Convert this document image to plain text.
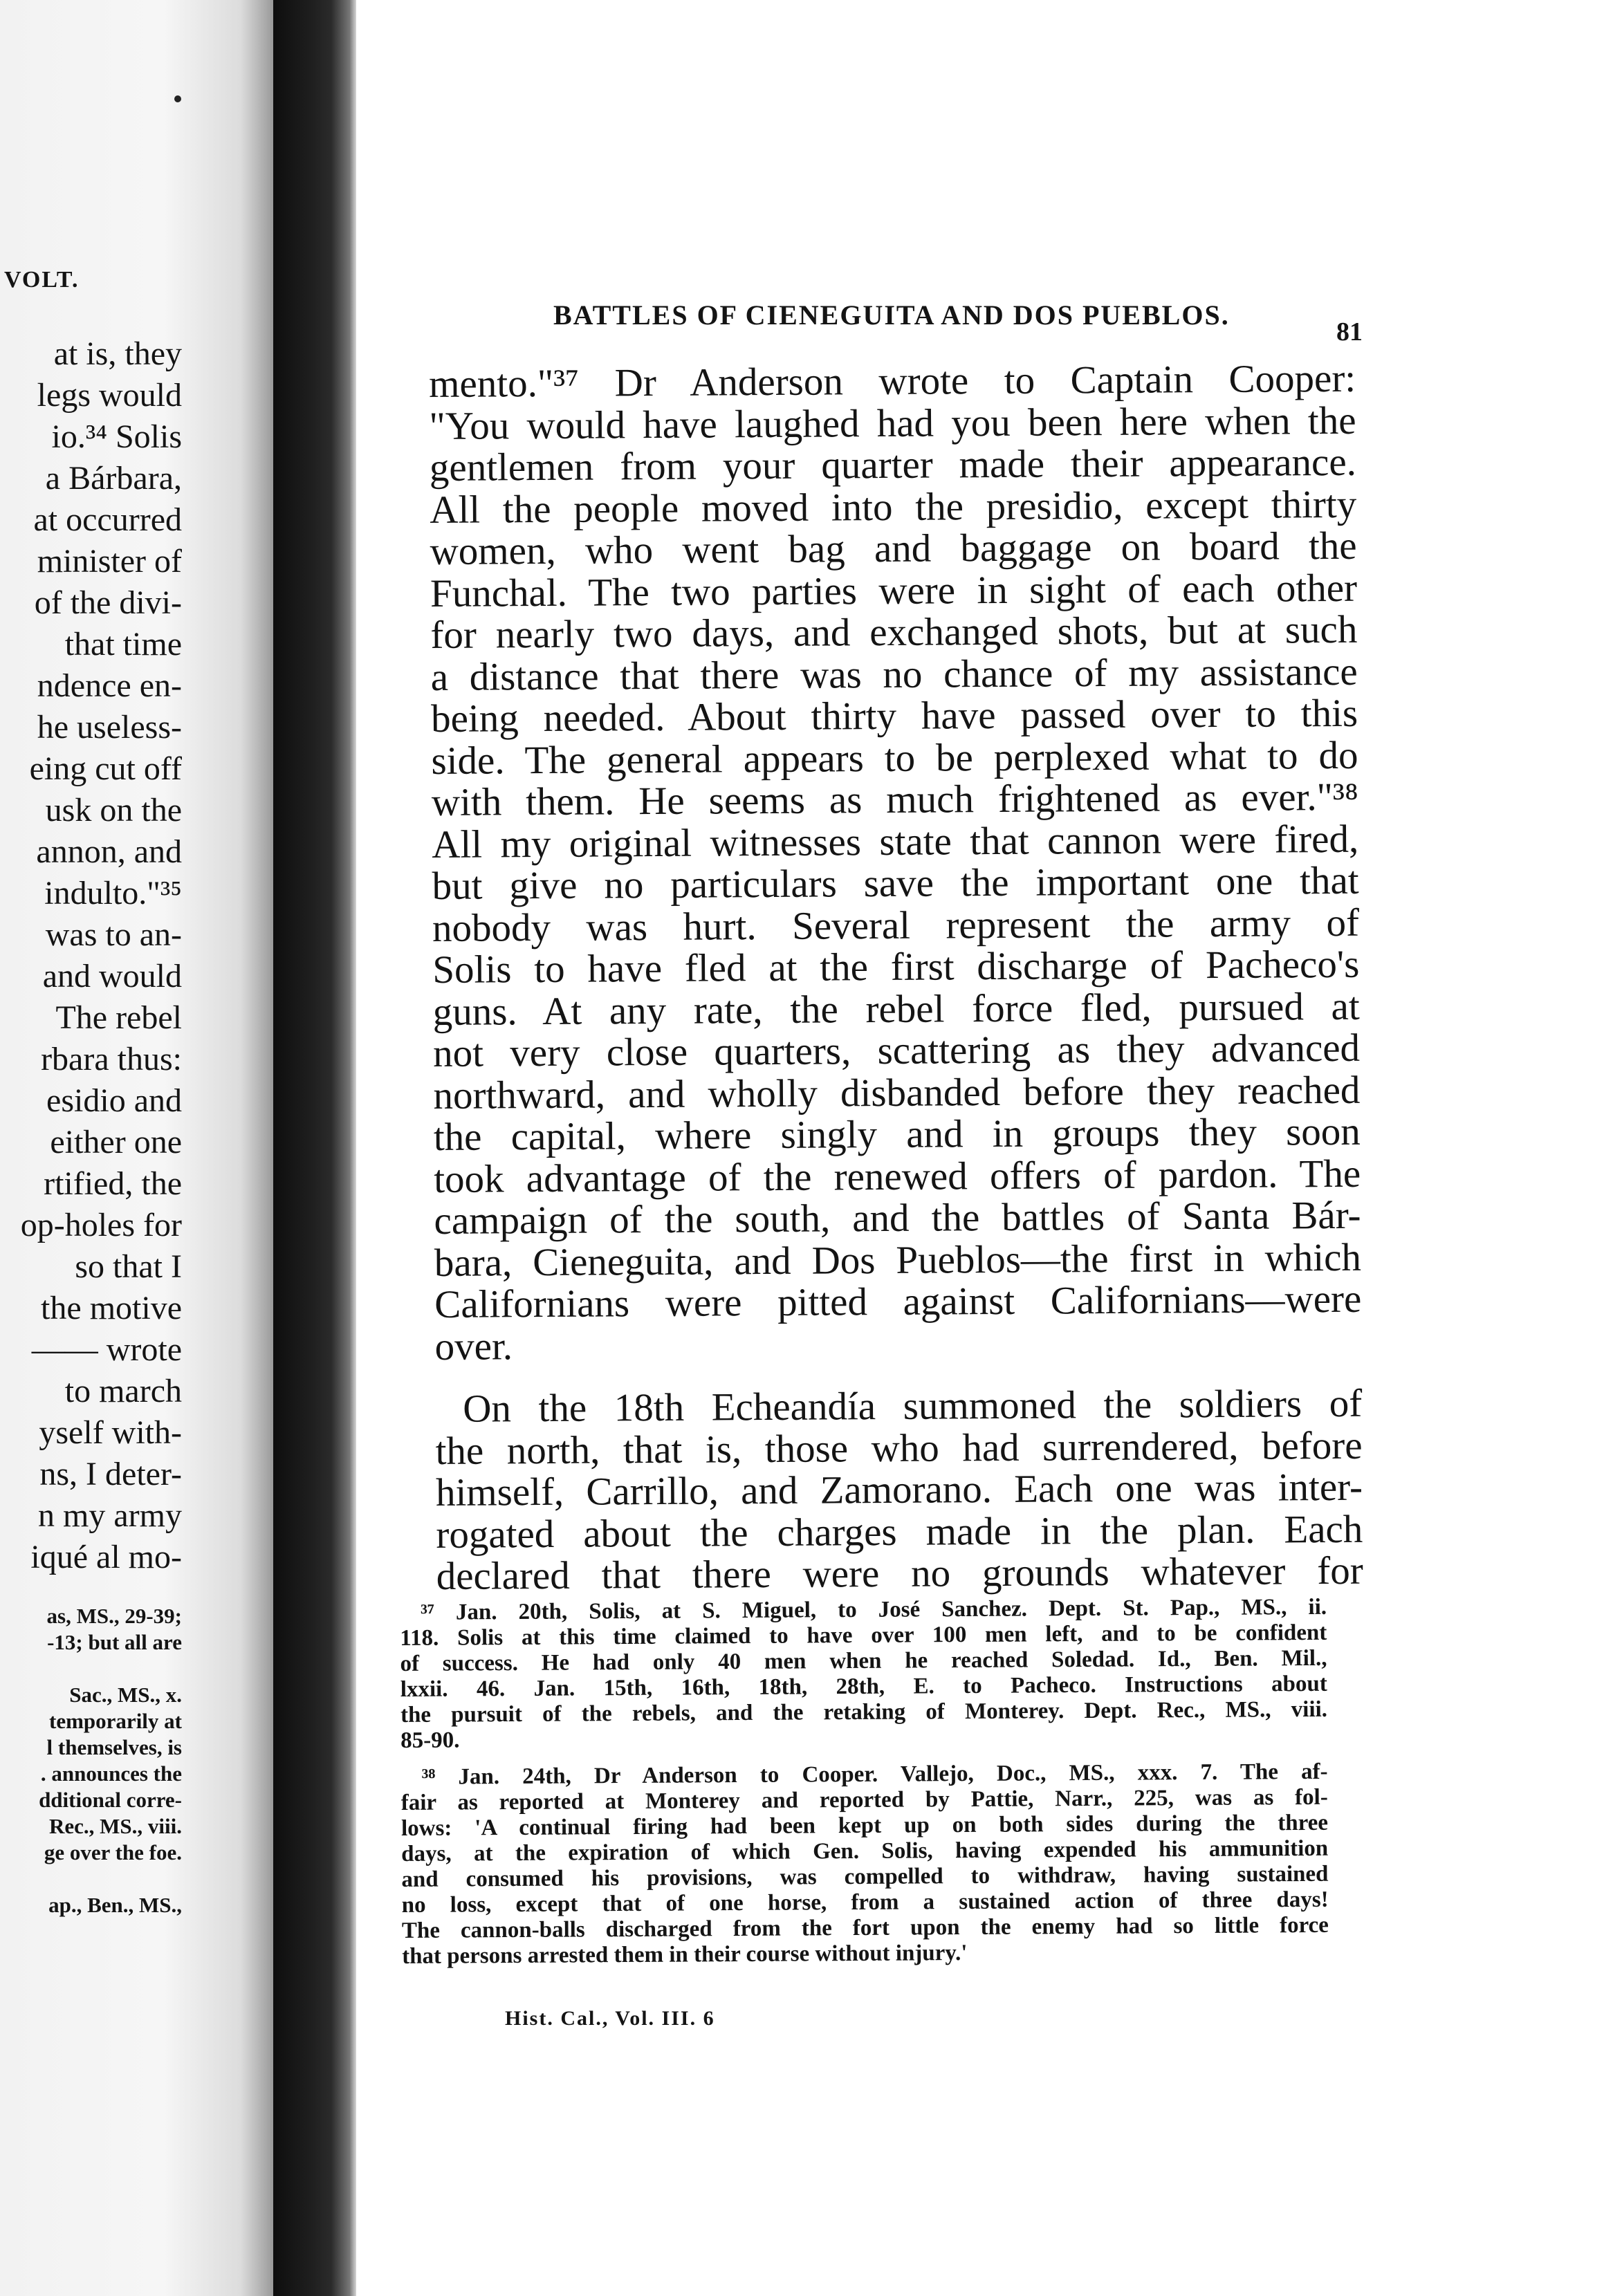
VOLT.
at is, they
legs would
io.³⁴ Solis
a Bárbara,
at occurred
minister of
of the divi-
that time
ndence en-
he useless-
eing cut off
usk on the
annon, and
indulto."³⁵
was to an-
and would
The rebel
rbara thus:
esidio and
either one
rtified, the
op-holes for
so that I
the motive
—— wrote
to march
yself with-
ns, I deter-
n my army
iqué al mo-
as, MS., 29-39;
-13; but all are
Sac., MS., x.
temporarily at
l themselves, is
. announces the
dditional corre-
Rec., MS., viii.
ge over the foe.
ap., Ben., MS.,
BATTLES OF CIENEGUITA AND DOS PUEBLOS.
81
mento."³⁷ Dr Anderson wrote to Captain Cooper:
"You would have laughed had you been here when the
gentlemen from your quarter made their appearance.
All the people moved into the presidio, except thirty
women, who went bag and baggage on board the
Funchal. The two parties were in sight of each other
for nearly two days, and exchanged shots, but at such
a distance that there was no chance of my assistance
being needed. About thirty have passed over to this
side. The general appears to be perplexed what to do
with them. He seems as much frightened as ever."³⁸
All my original witnesses state that cannon were fired,
but give no particulars save the important one that
nobody was hurt. Several represent the army of
Solis to have fled at the first discharge of Pacheco's
guns. At any rate, the rebel force fled, pursued at
not very close quarters, scattering as they advanced
northward, and wholly disbanded before they reached
the capital, where singly and in groups they soon
took advantage of the renewed offers of pardon. The
campaign of the south, and the battles of Santa Bár-
bara, Cieneguita, and Dos Pueblos—the first in which
Californians were pitted against Californians—were
over.
On the 18th Echeandía summoned the soldiers of
the north, that is, those who had surrendered, before
himself, Carrillo, and Zamorano. Each one was inter-
rogated about the charges made in the plan. Each
declared that there were no grounds whatever for
³⁷ Jan. 20th, Solis, at S. Miguel, to José Sanchez. Dept. St. Pap., MS., ii.
118. Solis at this time claimed to have over 100 men left, and to be confident
of success. He had only 40 men when he reached Soledad. Id., Ben. Mil.,
lxxii. 46. Jan. 15th, 16th, 18th, 28th, E. to Pacheco. Instructions about
the pursuit of the rebels, and the retaking of Monterey. Dept. Rec., MS., viii.
85-90.
³⁸ Jan. 24th, Dr Anderson to Cooper. Vallejo, Doc., MS., xxx. 7. The af-
fair as reported at Monterey and reported by Pattie, Narr., 225, was as fol-
lows: 'A continual firing had been kept up on both sides during the three
days, at the expiration of which Gen. Solis, having expended his ammunition
and consumed his provisions, was compelled to withdraw, having sustained
no loss, except that of one horse, from a sustained action of three days!
The cannon-balls discharged from the fort upon the enemy had so little force
that persons arrested them in their course without injury.'
Hist. Cal., Vol. III. 6
